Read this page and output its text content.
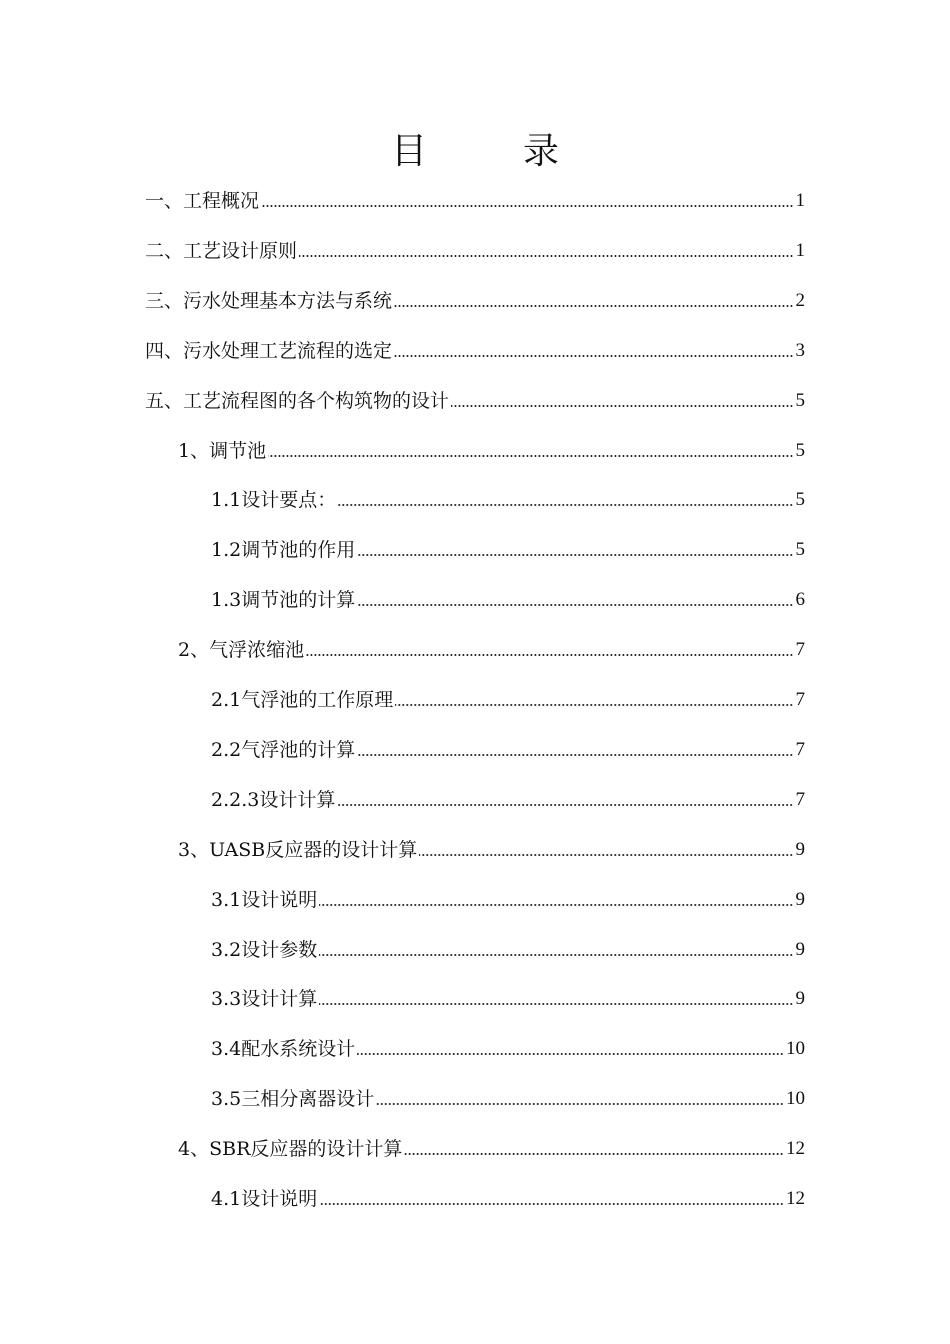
目　录
一、工程概况	1
二、工艺设计原则	1
三、污水处理基本方法与系统	2
四、污水处理工艺流程的选定	3
五、工艺流程图的各个构筑物的设计	5
1、调节池	5
1.1设计要点：	5
1.2调节池的作用	5
1.3调节池的计算	6
2、气浮浓缩池	7
2.1气浮池的工作原理	7
2.2气浮池的计算	7
2.2.3设计计算	7
3、UASB反应器的设计计算	9
3.1设计说明	9
3.2设计参数	9
3.3设计计算	9
3.4配水系统设计	10
3.5三相分离器设计	10
4、SBR反应器的设计计算	12
4.1设计说明	12
